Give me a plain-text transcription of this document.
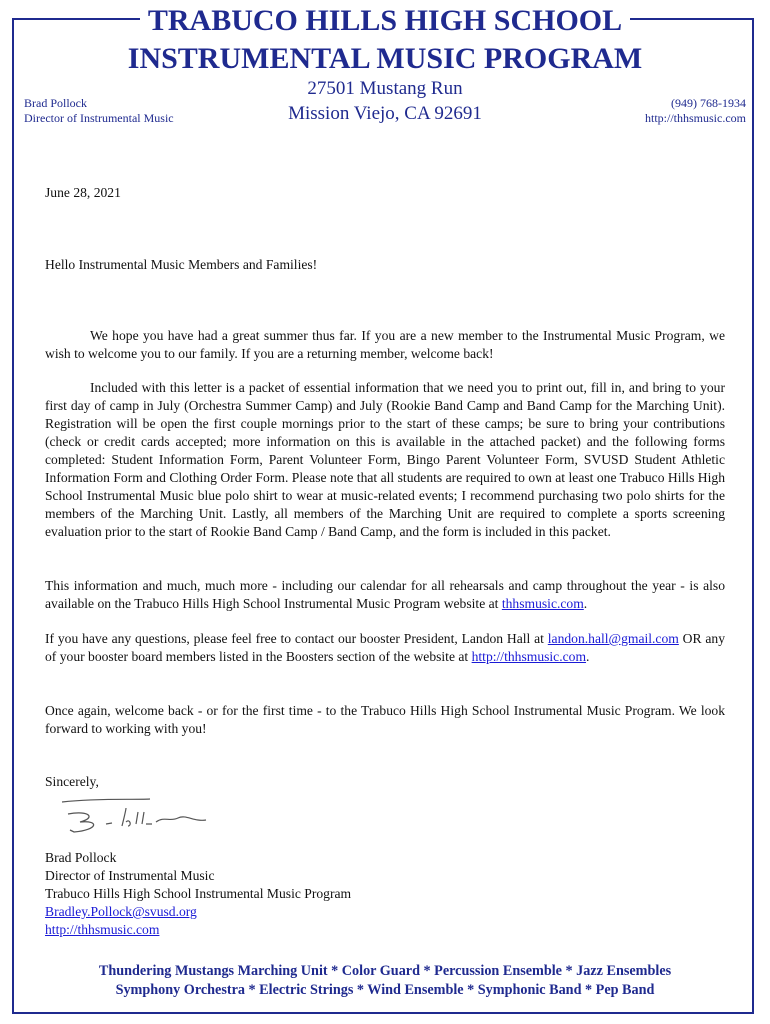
TRABUCO HILLS HIGH SCHOOL
INSTRUMENTAL MUSIC PROGRAM
27501 Mustang Run
Mission Viejo, CA 92691
Brad Pollock
Director of Instrumental Music
(949) 768-1934
http://thhsmusic.com
June 28, 2021
Hello Instrumental Music Members and Families!
We hope you have had a great summer thus far. If you are a new member to the Instrumental Music Program, we wish to welcome you to our family. If you are a returning member, welcome back!
Included with this letter is a packet of essential information that we need you to print out, fill in, and bring to your first day of camp in July (Orchestra Summer Camp) and July (Rookie Band Camp and Band Camp for the Marching Unit). Registration will be open the first couple mornings prior to the start of these camps; be sure to bring your contributions (check or credit cards accepted; more information on this is available in the attached packet) and the following forms completed: Student Information Form, Parent Volunteer Form, Bingo Parent Volunteer Form, SVUSD Student Athletic Information Form and Clothing Order Form. Please note that all students are required to own at least one Trabuco Hills High School Instrumental Music blue polo shirt to wear at music-related events; I recommend purchasing two polo shirts for the members of the Marching Unit. Lastly, all members of the Marching Unit are required to complete a sports screening evaluation prior to the start of Rookie Band Camp / Band Camp, and the form is included in this packet.
This information and much, much more - including our calendar for all rehearsals and camp throughout the year - is also available on the Trabuco Hills High School Instrumental Music Program website at thhsmusic.com.
If you have any questions, please feel free to contact our booster President, Landon Hall at landon.hall@gmail.com OR any of your booster board members listed in the Boosters section of the website at http://thhsmusic.com.
Once again, welcome back - or for the first time - to the Trabuco Hills High School Instrumental Music Program. We look forward to working with you!
Sincerely,
Brad Pollock
Director of Instrumental Music
Trabuco Hills High School Instrumental Music Program
Bradley.Pollock@svusd.org
http://thhsmusic.com
Thundering Mustangs Marching Unit * Color Guard * Percussion Ensemble * Jazz Ensembles
Symphony Orchestra * Electric Strings * Wind Ensemble * Symphonic Band * Pep Band
